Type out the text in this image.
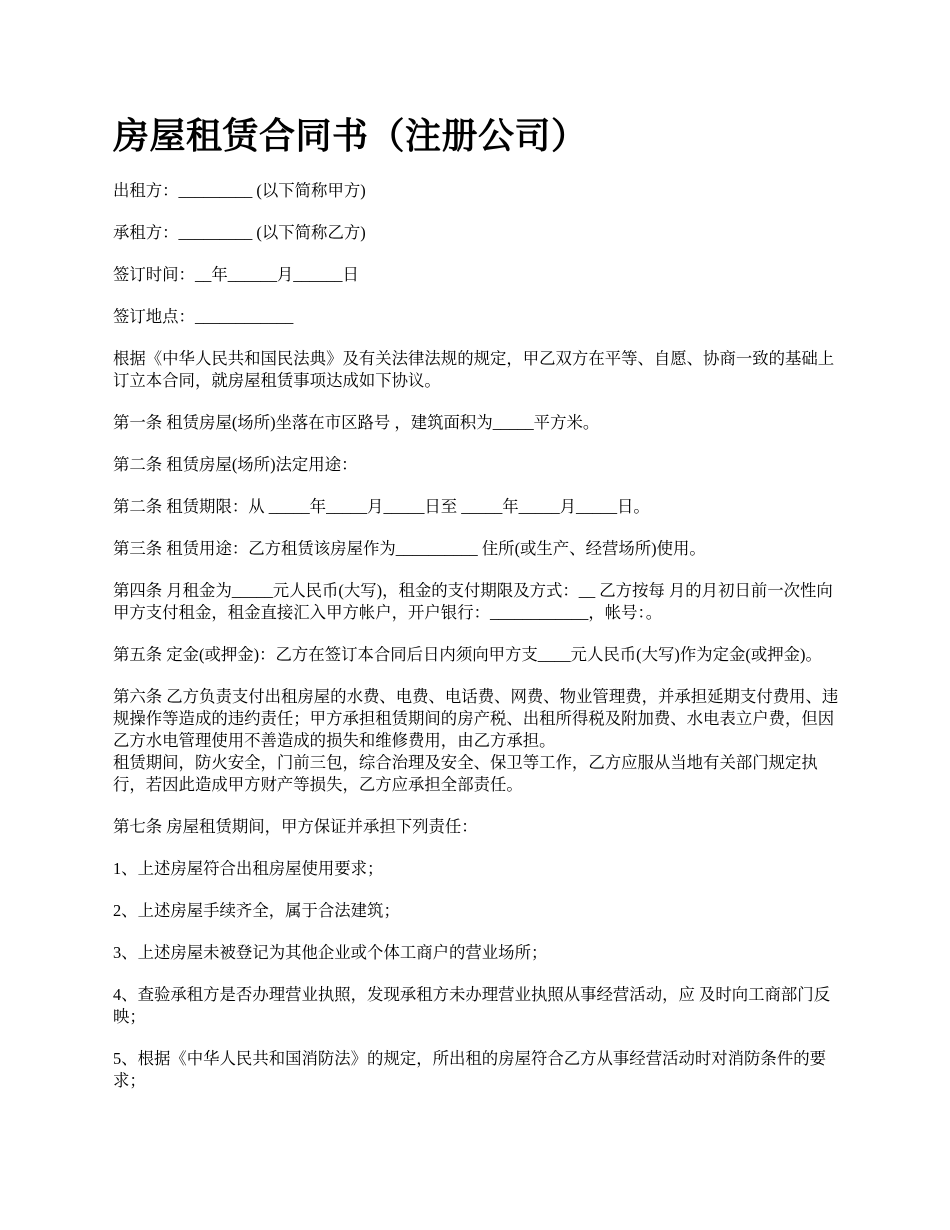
房屋租赁合同书（注册公司）

出租方：_________ (以下简称甲方)

承租方：_________ (以下简称乙方)

签订时间：__年______月______日

签订地点：____________

根据《中华人民共和国民法典》及有关法律法规的规定，甲乙双方在平等、自愿、协商一致的基础上订立本合同，就房屋租赁事项达成如下协议。

第一条 租赁房屋(场所)坐落在市区路号 ，建筑面积为_____平方米。

第二条 租赁房屋(场所)法定用途：

第二条 租赁期限：从 _____年_____月_____日至 _____年_____月_____日。

第三条 租赁用途：乙方租赁该房屋作为__________ 住所(或生产、经营场所)使用。

第四条 月租金为_____元人民币(大写)，租金的支付期限及方式：__ 乙方按每 月的月初日前一次性向甲方支付租金，租金直接汇入甲方帐户，开户银行：____________，帐号：。

第五条 定金(或押金)：乙方在签订本合同后日内须向甲方支____元人民币(大写)作为定金(或押金)。

第六条 乙方负责支付出租房屋的水费、电费、电话费、网费、物业管理费，并承担延期支付费用、违规操作等造成的违约责任；甲方承担租赁期间的房产税、出租所得税及附加费、水电表立户费，但因乙方水电管理使用不善造成的损失和维修费用，由乙方承担。

租赁期间，防火安全，门前三包，综合治理及安全、保卫等工作，乙方应服从当地有关部门规定执行，若因此造成甲方财产等损失，乙方应承担全部责任。

第七条 房屋租赁期间，甲方保证并承担下列责任：

1、上述房屋符合出租房屋使用要求；

2、上述房屋手续齐全，属于合法建筑；

3、上述房屋未被登记为其他企业或个体工商户的营业场所；

4、查验承租方是否办理营业执照，发现承租方未办理营业执照从事经营活动，应 及时向工商部门反映；

5、根据《中华人民共和国消防法》的规定，所出租的房屋符合乙方从事经营活动时对消防条件的要求；
